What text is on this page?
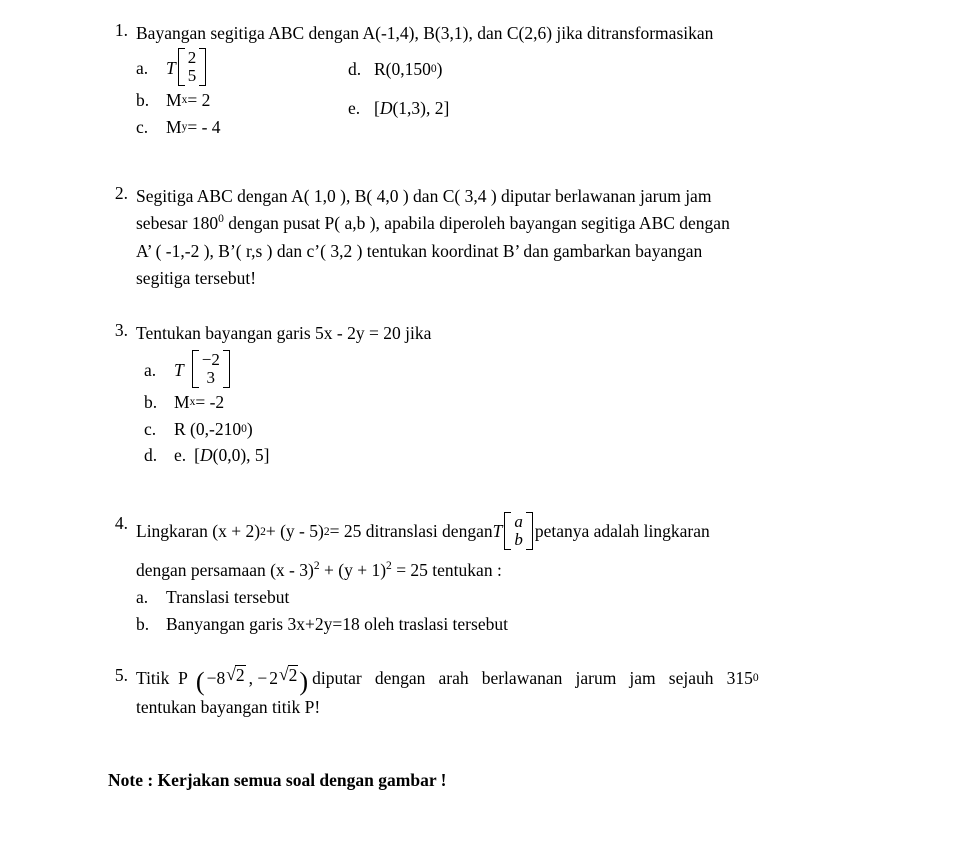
1. Bayangan segitiga ABC dengan A(-1,4), B(3,1), dan C(2,6) jika ditransformasikan
a.	T
2
5
b. M x = 2
c.	M y = - 4
d. R(0,150 0 )
e. [ D (1,3), 2 ]
2. Segitiga ABC dengan A( 1,0 ), B( 4,0 ) dan C( 3,4 ) diputar berlawanan jarum jam
sebesar $180^0$ dengan pusat P( a,b ), apabila diperoleh bayangan segitiga ABC dengan
A’ ( -1,-2 ), B’( r,s ) dan c’( 3,2 ) tentukan koordinat B’ dan gambarkan bayangan
segitiga tersebut!
3. Tentukan bayangan garis 5x - 2y = 20 jika
a.	T
−2
3
b. M x = -2
c.	R (0,-210 0 )
d. e. [ D (0,0), 5 ]
4. Lingkaran (x + 2) 2 + (y - 5) 2 = 25 ditranslasi dengan T a
b petanya adalah lingkaran
dengan persamaan $(x - 3)^2 + (y + 1)^2 = 25$ tentukan :
a.	Translasi tersebut
b. Banyangan garis 3x+2y=18 oleh traslasi tersebut
5. Titik  P ( −8 √ 2 , − 2 √ 2 ) diputar   dengan   arah   berlawanan   jarum   jam   sejauh   315 0
tentukan bayangan titik P!
Note : Kerjakan semua soal dengan gambar !
